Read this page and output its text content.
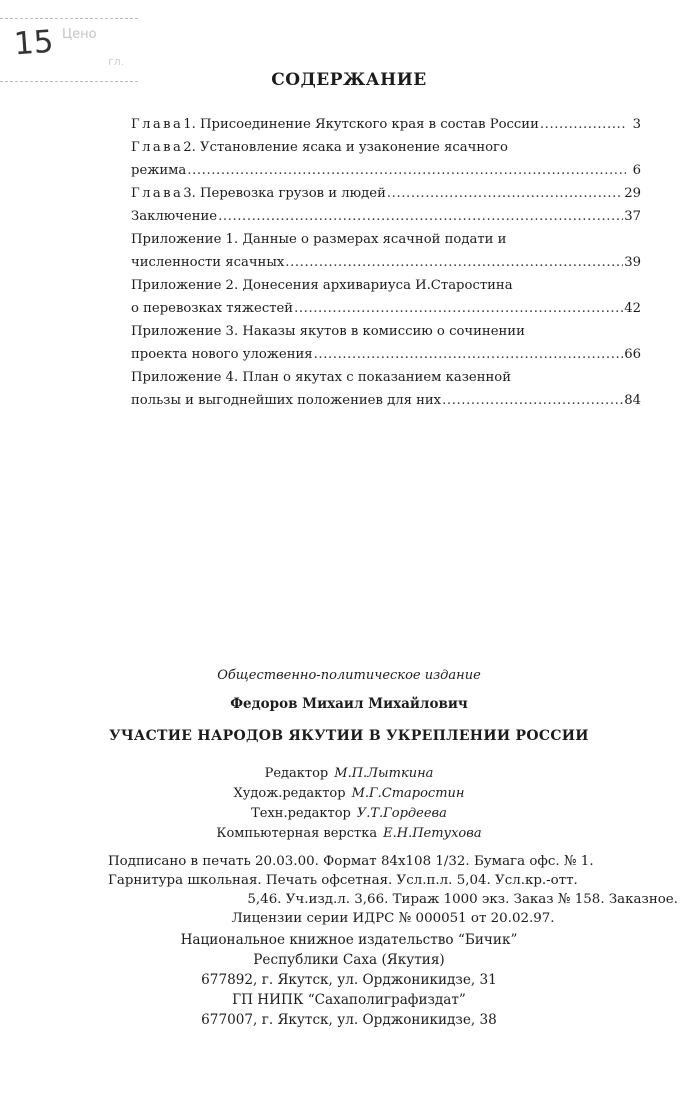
15 Ценo
гл.
СОДЕРЖАНИЕ
Глава 1. Присоединение Якутского края в состав России .....	3
Глава 2. Установление ясака и узаконение ясачного
режима .....	6
Глава 3. Перевозка грузов и людей .....	29
Заключение .....	37
Приложение 1. Данные о размерах ясачной подати и
численности ясачных .....	39
Приложение 2. Донесения архивариуса И.Старостина
о перевозках тяжестей .....	42
Приложение 3. Наказы якутов в комиссию о сочинении
проекта нового уложения .....	66
Приложение 4. План о якутах с показанием казенной
пользы и выгоднейших положениев для них .....	84
Общественно-политическое издание
Федоров Михаил Михайлович
УЧАСТИЕ НАРОДОВ ЯКУТИИ В УКРЕПЛЕНИИ РОССИИ
Редактор М.П.Лыткина
Худож.редактор М.Г.Старостин
Техн.редактор У.Т.Гордеева
Компьютерная верстка Е.Н.Петухова
Подписано в печать 20.03.00. Формат 84x108 1/32. Бумага офс. № 1.
Гарнитура школьная. Печать офсетная. Усл.п.л. 5,04. Усл.кр.-отт.
5,46. Уч.изд.л. 3,66. Тираж 1000 экз. Заказ № 158. Заказное.
Лицензии серии ИДРС № 000051 от 20.02.97.
Национальное книжное издательство “Бичик”
Республики Саха (Якутия)
677892, г. Якутск, ул. Орджоникидзе, 31
ГП НИПК “Сахаполиграфиздат”
677007, г. Якутск, ул. Орджоникидзе, 38
